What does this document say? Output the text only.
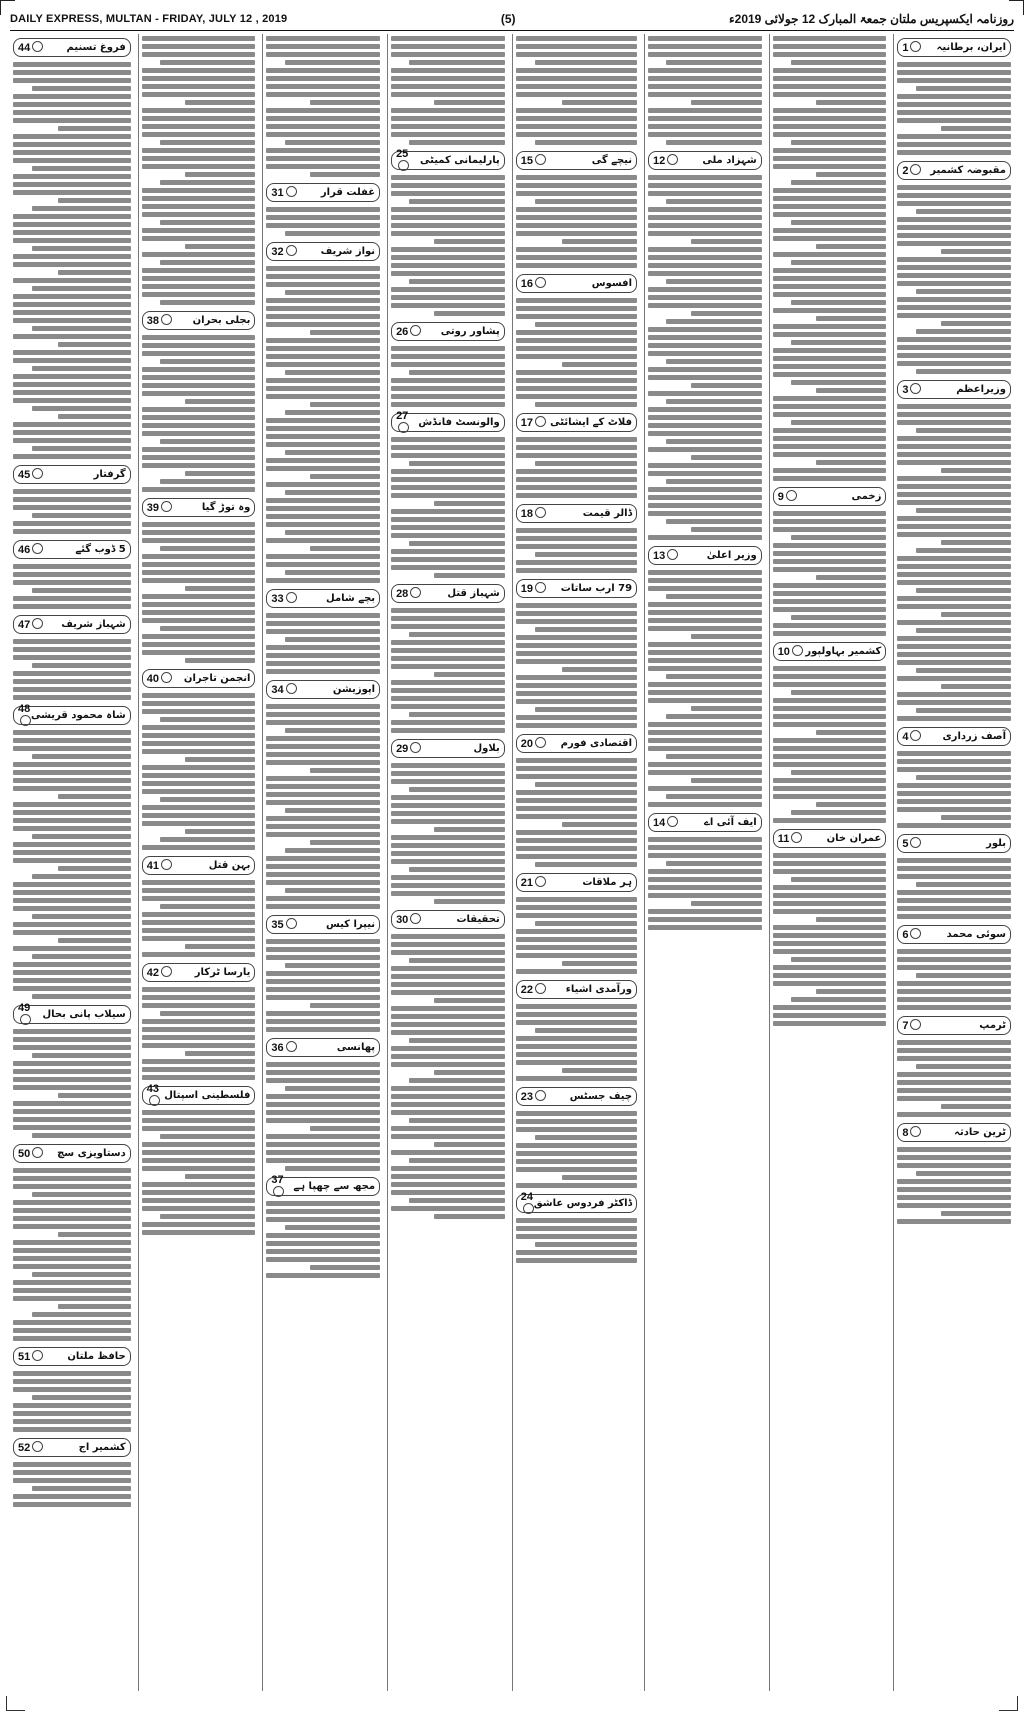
DAILY EXPRESS, MULTAN - FRIDAY, JULY 12 , 2019	(5)	روزنامہ ایکسپریس ملتان جمعۃ المبارک 12 جولائی 2019ء
ایران، برطانیہ
1
مقبوضہ کشمیر
2
وزیراعظم
3
آصف زرداری
4
بلور
5
سوئی محمد
6
ٹرمپ
7
ٹرین حادثہ
8
زخمی
9
کشمیر بہاولپور
10
عمران خان
11
شہزاد ملی
12
وزیر اعلیٰ
13
ایف آئی اے
14
نیچے گی
15
افسوس
16
فلاٹ کے ایشائٹی
17
ڈالر قیمت
18
79 ارب ساتات
19
اقتصادی فورم
20
ہر ملاقات
21
ورآمدی اشیاء
22
چیف جسٹس
23
ڈاکٹر فردوس عاشق
24
پارلیمانی کمیٹی
25
پشاور روتی
26
والونسٹ فانڈش
27
شہباز قتل
28
بلاول
29
تحقیقات
30
غفلت قرار
31
نواز شریف
32
بچے شامل
33
اپوزیشن
34
نیپرا کیس
35
پھانسی
36
مجھ سے چھپا ہے
37
بجلی بحران
38
وہ توڑ گیا
39
انجمن تاجران
40
بہن قتل
41
یارسا ٹرکار
42
فلسطینی اسپتال
43
فروغ تسنیم
44
گرفتار
45
5 ڈوب گئے
46
شہباز شریف
47
شاہ محمود قریشی
48
سیلاب پانی بحال
49
دستاویزی سچ
50
حافظ ملتان
51
کشمیر اج
52
